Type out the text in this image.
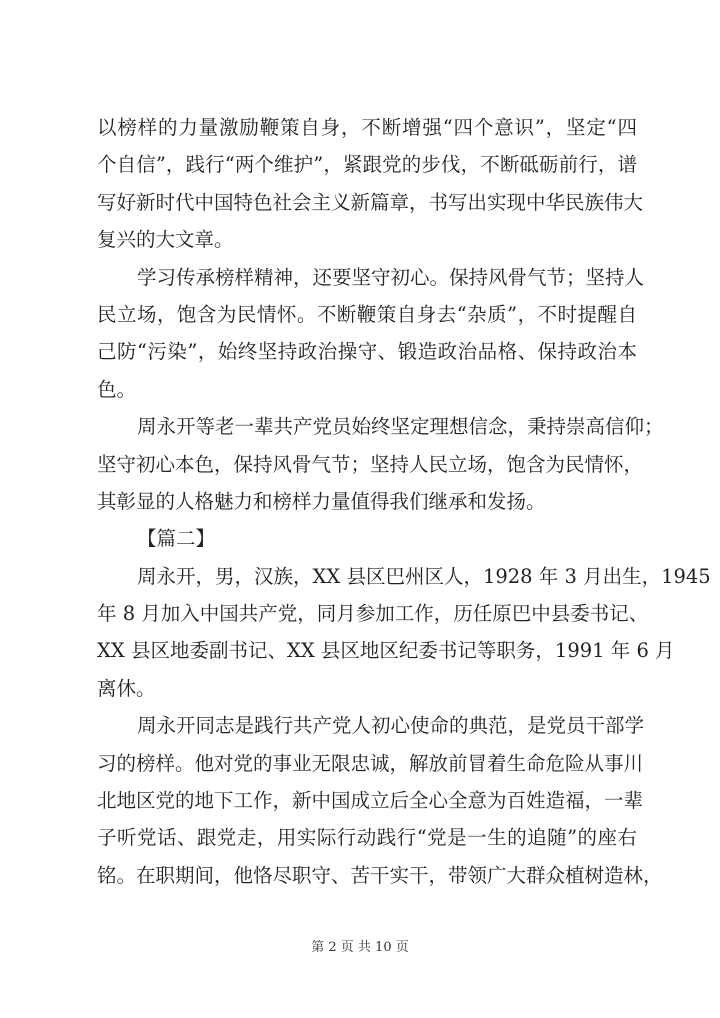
以榜样的力量激励鞭策自身，不断增强“四个意识”，坚定“四
个自信”，践行“两个维护”，紧跟党的步伐，不断砥砺前行，谱
写好新时代中国特色社会主义新篇章，书写出实现中华民族伟大
复兴的大文章。
学习传承榜样精神，还要坚守初心。保持风骨气节；坚持人
民立场，饱含为民情怀。不断鞭策自身去“杂质”，不时提醒自
己防“污染”，始终坚持政治操守、锻造政治品格、保持政治本
色。
周永开等老一辈共产党员始终坚定理想信念，秉持崇高信仰；
坚守初心本色，保持风骨气节；坚持人民立场，饱含为民情怀，
其彰显的人格魅力和榜样力量值得我们继承和发扬。
【篇二】
周永开，男，汉族，XX 县区巴州区人，1928 年 3 月出生，1945
年 8 月加入中国共产党，同月参加工作，历任原巴中县委书记、
XX 县区地委副书记、XX 县区地区纪委书记等职务，1991 年 6 月
离休。
周永开同志是践行共产党人初心使命的典范，是党员干部学
习的榜样。他对党的事业无限忠诚，解放前冒着生命危险从事川
北地区党的地下工作，新中国成立后全心全意为百姓造福，一辈
子听党话、跟党走，用实际行动践行“党是一生的追随”的座右
铭。在职期间，他恪尽职守、苦干实干，带领广大群众植树造林，
第 2 页 共 10 页
